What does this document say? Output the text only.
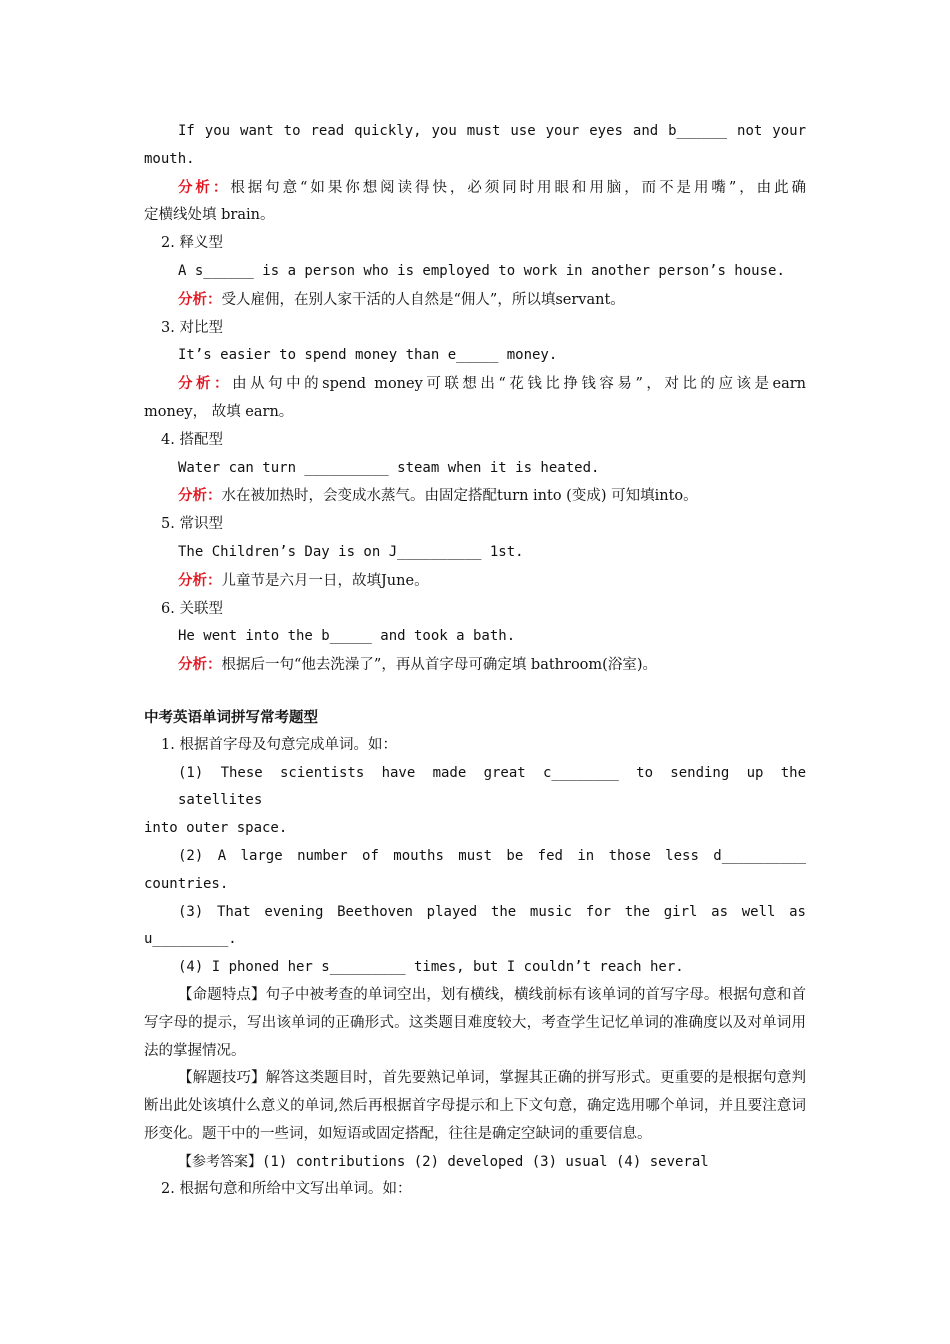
If you want to read quickly, you must use your eyes and b______ not your
mouth.
分析：根据句意“如果你想阅读得快，必须同时用眼和用脑，而不是用嘴”，由此确
定横线处填 brain。
2. 释义型
A s______ is a person who is employed to work in another person’s house.
分析：受人雇佣，在别人家干活的人自然是“佣人”，所以填servant。
3. 对比型
It’s easier to spend money than e_____ money.
分析：由从句中的spend money可联想出“花钱比挣钱容易”，对比的应该是earn
money， 故填 earn。
4. 搭配型
Water can turn __________ steam when it is heated.
分析：水在被加热时，会变成水蒸气。由固定搭配turn into (变成) 可知填into。
5. 常识型
The Children’s Day is on J__________ 1st.
分析：儿童节是六月一日，故填June。
6. 关联型
He went into the b_____ and took a bath.
分析：根据后一句“他去洗澡了”，再从首字母可确定填 bathroom(浴室)。
中考英语单词拼写常考题型
1. 根据首字母及句意完成单词。如：
(1) These scientists have made great c________ to sending up the satellites
into outer space.
(2) A large number of mouths must be fed in those less d__________
countries.
(3) That evening Beethoven played the music for the girl as well as
u_________.
(4) I phoned her s_________ times, but I couldn’t reach her.
【命题特点】句子中被考查的单词空出，划有横线，横线前标有该单词的首写字母。根据句意和首写字母的提示，写出该单词的正确形式。这类题目难度较大，考查学生记忆单词的准确度以及对单词用法的掌握情况。
【解题技巧】解答这类题目时，首先要熟记单词，掌握其正确的拼写形式。更重要的是根据句意判断出此处该填什么意义的单词,然后再根据首字母提示和上下文句意，确定选用哪个单词，并且要注意词形变化。题干中的一些词，如短语或固定搭配，往往是确定空缺词的重要信息。
【参考答案】(1) contributions (2) developed (3) usual (4) several
2. 根据句意和所给中文写出单词。如：
